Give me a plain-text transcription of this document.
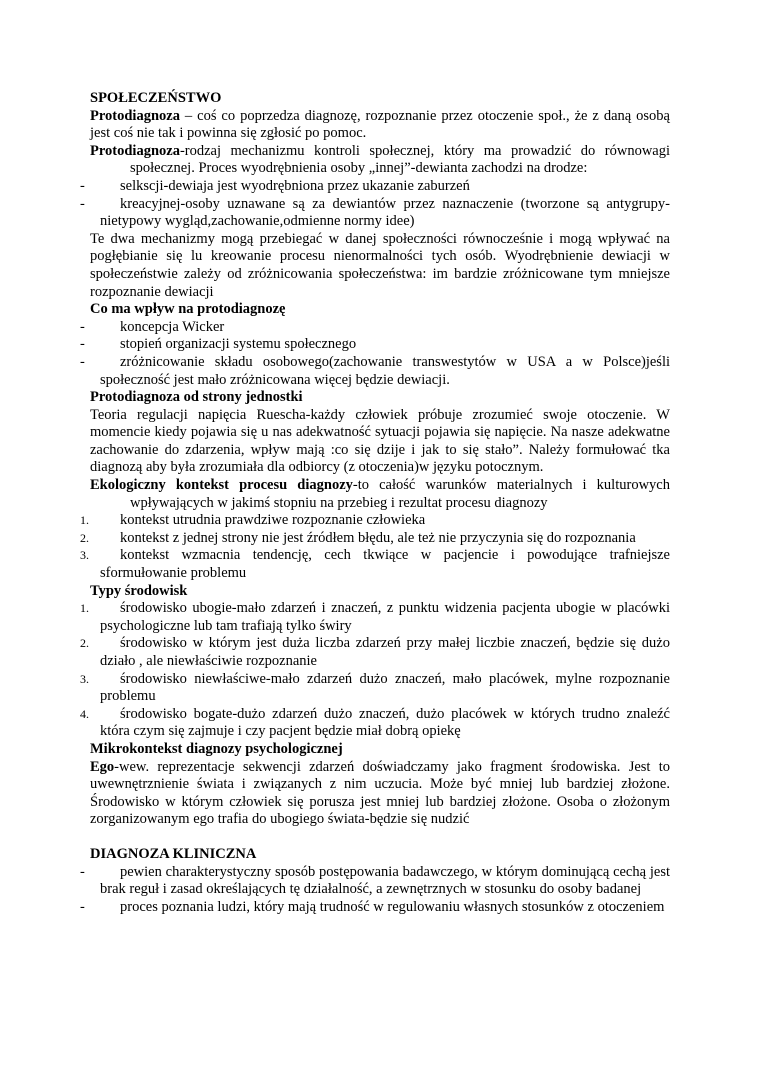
SPOŁECZEŃSTWO

Protodiagnoza – coś co poprzedza diagnozę, rozpoznanie przez otoczenie społ., że z daną osobą jest coś nie tak i powinna się zgłosić po pomoc.

Protodiagnoza-rodzaj mechanizmu kontroli społecznej, który ma prowadzić do równowagi społecznej. Proces wyodrębnienia osoby „innej”-dewianta zachodzi na drodze:

-	selkscji-dewiaja jest wyodrębniona przez ukazanie zaburzeń
-	kreacyjnej-osoby uznawane są za dewiantów przez naznaczenie (tworzone są antygrupy-nietypowy wygląd,zachowanie,odmienne normy idee)

Te dwa mechanizmy mogą przebiegać w danej społeczności równocześnie i mogą wpływać na pogłębianie się lu kreowanie procesu nienormalności tych osób. Wyodrębnienie dewiacji w społeczeństwie zależy od zróżnicowania społeczeństwa: im bardzie zróżnicowane tym mniejsze rozpoznanie dewiacji

Co ma wpływ na protodiagnozę

-	koncepcja Wicker
-	stopień organizacji systemu społecznego
-	zróżnicowanie składu osobowego(zachowanie transwestytów w USA a w Polsce)jeśli społeczność jest mało zróżnicowana więcej będzie dewiacji.

Protodiagnoza od strony jednostki

Teoria regulacji napięcia Ruescha-każdy człowiek próbuje zrozumieć swoje otoczenie. W momencie kiedy pojawia się u nas adekwatność sytuacji pojawia się napięcie. Na nasze adekwatne zachowanie do zdarzenia, wpływ mają :co się dzije i jak to się stało”. Należy formułować tka diagnozą aby była zrozumiała dla odbiorcy (z otoczenia)w języku potocznym.

Ekologiczny kontekst procesu diagnozy-to całość warunków materialnych i kulturowych wpływających w jakimś stopniu na przebieg i rezultat procesu diagnozy

1.	kontekst utrudnia prawdziwe rozpoznanie człowieka
2.	kontekst z jednej strony nie jest źródłem błędu, ale też nie przyczynia się do rozpoznania
3.	kontekst wzmacnia tendencję, cech tkwiące w pacjencie i powodujące trafniejsze sformułowanie problemu

Typy środowisk

1.	środowisko ubogie-mało zdarzeń i znaczeń, z punktu widzenia pacjenta ubogie w placówki psychologiczne lub tam trafiają tylko świry
2.	środowisko w którym jest duża liczba zdarzeń przy małej liczbie znaczeń, będzie się dużo działo , ale niewłaściwie rozpoznanie
3.	środowisko niewłaściwe-mało zdarzeń dużo znaczeń, mało placówek, mylne rozpoznanie problemu
4.	środowisko bogate-dużo zdarzeń dużo znaczeń, dużo placówek w których trudno znaleźć która czym się zajmuje i czy pacjent będzie miał dobrą opiekę

Mikrokontekst diagnozy psychologicznej

Ego-wew. reprezentacje sekwencji zdarzeń doświadczamy jako fragment środowiska. Jest to uwewnętrznienie świata i związanych z nim uczucia. Może być mniej lub bardziej złożone. Środowisko w którym człowiek się porusza jest mniej lub bardziej złożone. Osoba o złożonym zorganizowanym ego trafia do ubogiego świata-będzie się nudzić

DIAGNOZA KLINICZNA

-	pewien charakterystyczny sposób postępowania badawczego, w którym dominującą cechą jest brak reguł i zasad określających tę działalność, a zewnętrznych w stosunku do osoby badanej
-	proces poznania ludzi, który mają trudność w regulowaniu własnych stosunków z otoczeniem
